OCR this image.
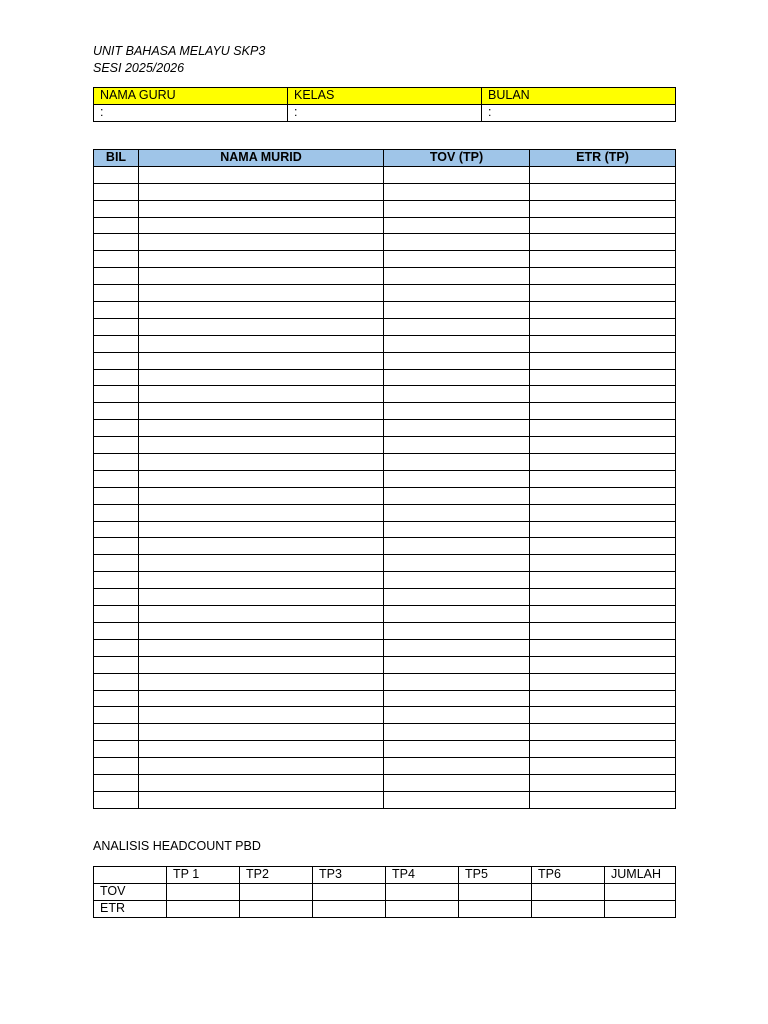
UNIT BAHASA MELAYU SKP3
SESI 2025/2026
NAMA GURU	KELAS	BULAN
:	:	:
BIL	NAMA MURID	TOV (TP)	ETR (TP)

ANALISIS HEADCOUNT PBD
	TP 1	TP2	TP3	TP4	TP5	TP6	JUMLAH
TOV							
ETR							
